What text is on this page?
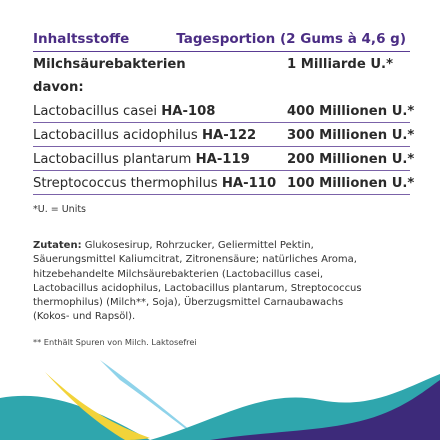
Inhaltsstoffe	Tagesportion (2 Gums à 4,6 g)
Milchsäurebakterien	1 Milliarde U.*
davon:
Lactobacillus casei HA-108	400 Millionen U.*
Lactobacillus acidophilus HA-122 300 Millionen U.*
Lactobacillus plantarum HA-119	200 Millionen U.*
Streptococcus thermophilus HA-110 100 Millionen U.*
*U. = Units
Zutaten: Glukosesirup, Rohrzucker, Geliermittel Pektin, Säuerungsmittel Kaliumcitrat, Zitronensäure; natürliches Aroma, hitzebehandelte Milchsäurebakterien (Lactobacillus casei, Lactobacillus acidophilus, Lactobacillus plantarum, Streptococcus thermophilus) (Milch**, Soja), Überzugsmittel Carnaubawachs (Kokos- und Rapsöl).
** Enthält Spuren von Milch. Laktosefrei
